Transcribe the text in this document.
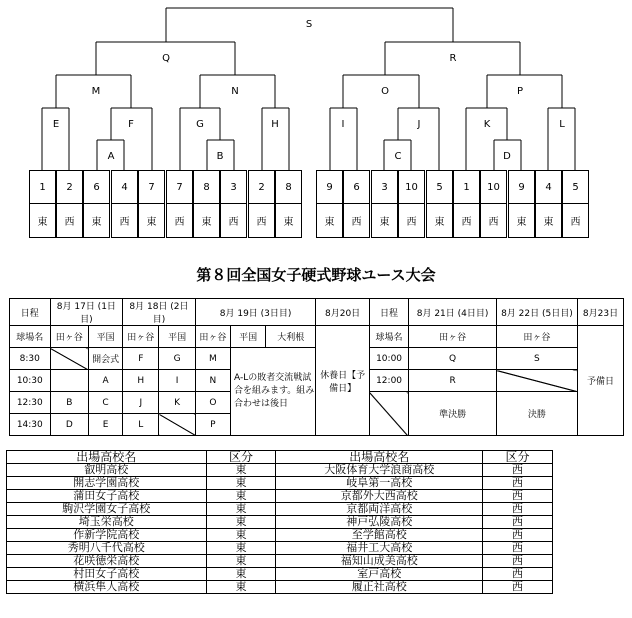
S
Q	R
M	N	O	P
E	F
A
G
B
H	I	J
C
K
D
L
1
東
2
西
6
東
4
西
7
東
7
西
8
東
3
西
2
西
8
東
9
東
6
西
3
東
10
西
5
東
1
西
10
西
9
東
4
東
5
西
第８回全国女子硬式野球ユース大会
日程	8月 17日 (1日目)		8月 18日 (2日目)		8月 19日 (3日目)			8月20日	日程	8月 21日 (4日目)	8月 22日 (5日目)	8月23日
球場名	田ヶ谷	平国	田ヶ谷	平国	田ヶ谷	平国	大利根	休養日【予備日】	球場名	田ヶ谷	田ヶ谷	予備日
8:30		開会式	F	G	M	A-Lの敗者交流戦試合を組みます。組み合わせは後日			10:00	Q	S	
10:30		A	H	I	N				12:00	R		
12:30	B	C	J	K	O					準決勝	決勝	
14:30	D	E	L		P							
出場高校名	区分	出場高校名	区分
叡明高校	東	大阪体育大学浪商高校	西
開志学園高校	東	岐阜第一高校	西
蒲田女子高校	東	京都外大西高校	西
駒沢学園女子高校	東	京都両洋高校	西
埼玉栄高校	東	神戸弘陵高校	西
作新学院高校	東	至学館高校	西
秀明八千代高校	東	福井工大高校	西
花咲徳栄高校	東	福知山成美高校	西
村田女子高校	東	室戸高校	西
横浜隼人高校	東	履正社高校	西
